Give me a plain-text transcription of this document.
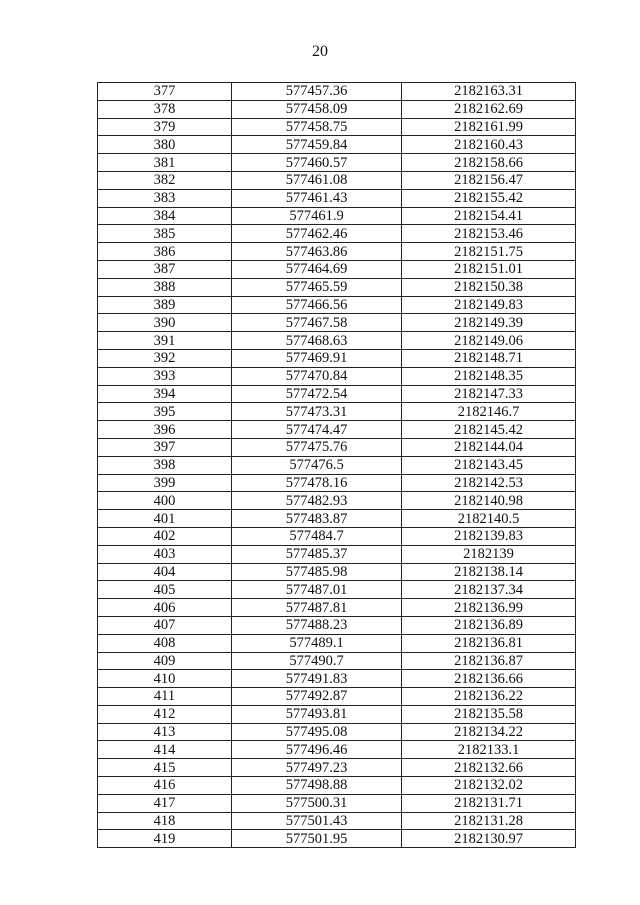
20
377	577457.36	2182163.31
378	577458.09	2182162.69
379	577458.75	2182161.99
380	577459.84	2182160.43
381	577460.57	2182158.66
382	577461.08	2182156.47
383	577461.43	2182155.42
384	577461.9	2182154.41
385	577462.46	2182153.46
386	577463.86	2182151.75
387	577464.69	2182151.01
388	577465.59	2182150.38
389	577466.56	2182149.83
390	577467.58	2182149.39
391	577468.63	2182149.06
392	577469.91	2182148.71
393	577470.84	2182148.35
394	577472.54	2182147.33
395	577473.31	2182146.7
396	577474.47	2182145.42
397	577475.76	2182144.04
398	577476.5	2182143.45
399	577478.16	2182142.53
400	577482.93	2182140.98
401	577483.87	2182140.5
402	577484.7	2182139.83
403	577485.37	2182139
404	577485.98	2182138.14
405	577487.01	2182137.34
406	577487.81	2182136.99
407	577488.23	2182136.89
408	577489.1	2182136.81
409	577490.7	2182136.87
410	577491.83	2182136.66
411	577492.87	2182136.22
412	577493.81	2182135.58
413	577495.08	2182134.22
414	577496.46	2182133.1
415	577497.23	2182132.66
416	577498.88	2182132.02
417	577500.31	2182131.71
418	577501.43	2182131.28
419	577501.95	2182130.97
